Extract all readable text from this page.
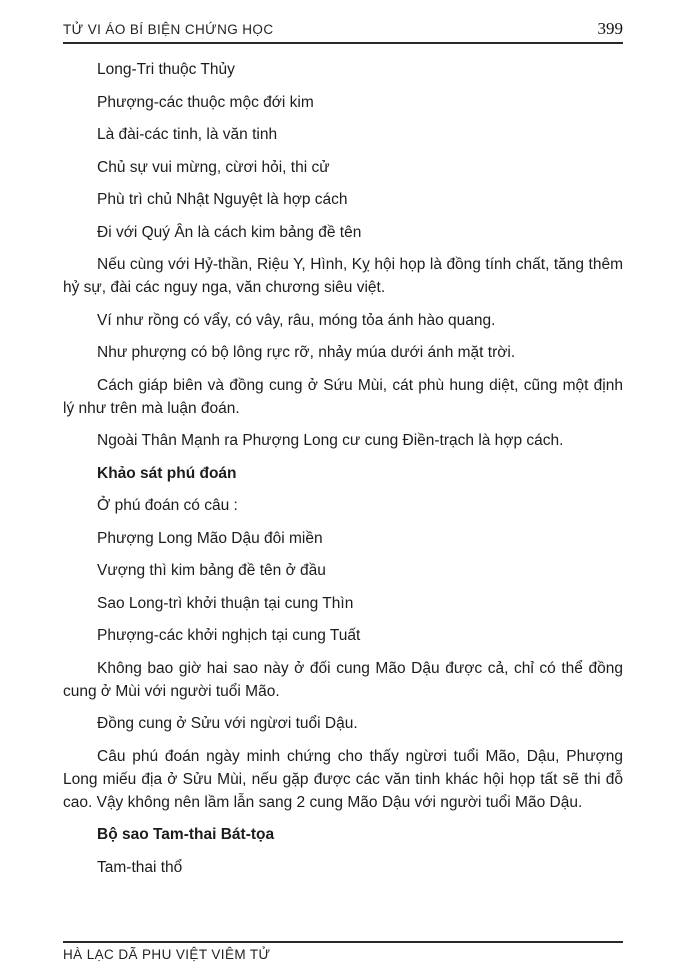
TỬ VI ÁO BÍ BIỆN CHỨNG HỌC	399

Long-Tri thuộc Thủy

Phượng-các thuộc mộc đới kim

Là đài-các tinh, là văn tinh

Chủ sự vui mừng, cừơi hỏi, thi cử

Phù trì chủ Nhật Nguyệt là hợp cách

Đi với Quý Ân là cách kim bảng đề tên

Nếu cùng với Hỷ-thần, Riệu Y, Hình, Kỵ hội họp là đồng tính chất, tăng thêm hỷ sự, đài các nguy nga, văn chương siêu việt.

Ví như rồng có vẩy, có vây, râu, móng tỏa ánh hào quang.

Như phượng có bộ lông rực rỡ, nhảy múa dưới ánh mặt trời.

Cách giáp biên và đồng cung ở Sứu Mùi, cát phù hung diệt, cũng một định lý như trên mà luận đoán.

Ngoài Thân Mạnh ra Phượng Long cư cung Điền-trạch là hợp cách.

Khảo sát phú đoán

Ở phú đoán có câu :

Phượng Long Mão Dậu đôi miền

Vượng thì kim bảng đề tên ở đầu

Sao Long-trì khởi thuận tại cung Thìn

Phượng-các khởi nghịch tại cung Tuất

Không bao giờ hai sao này ở đối cung Mão Dậu được cả, chỉ có thể đồng cung ở Mùi với người tuổi Mão.

Đồng cung ở Sửu với ngừơi tuổi Dậu.

Câu phú đoán ngày minh chứng cho thấy ngừơi tuổi Mão, Dậu, Phượng Long miếu địa ở Sửu Mùi, nếu gặp được các văn tinh khác hội họp tất sẽ thi đỗ cao. Vậy không nên lầm lẫn sang 2 cung Mão Dậu với người tuổi Mão Dậu.

Bộ sao Tam-thai Bát-tọa

Tam-thai thổ

HÀ LẠC DÃ PHU VIỆT VIÊM TỬ
